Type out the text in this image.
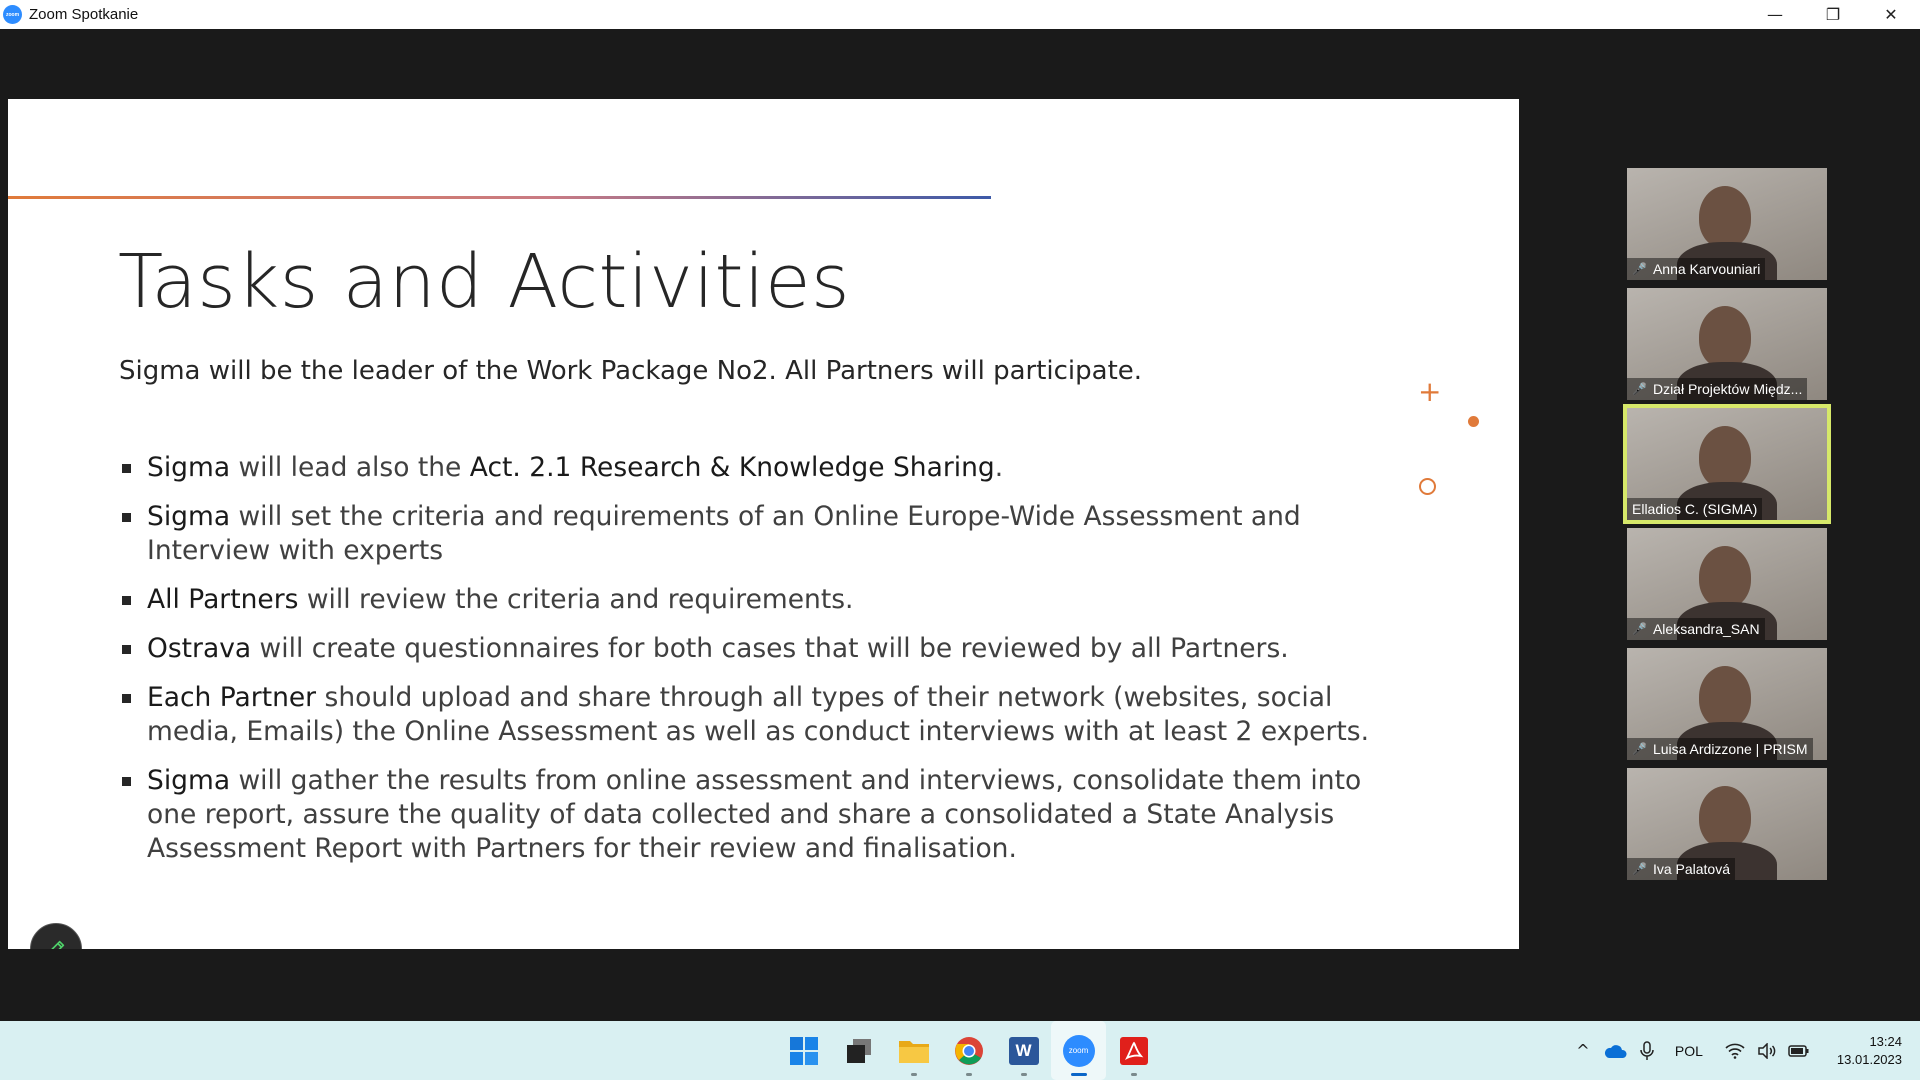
zoom Zoom Spotkanie	—	❐	✕
Tasks and Activities
Sigma will be the leader of the Work Package No2. All Partners will participate.
Sigma will lead also the Act. 2.1 Research & Knowledge Sharing.
Sigma will set the criteria and requirements of an Online Europe-Wide Assessment and Interview with experts
All Partners will review the criteria and requirements.
Ostrava will create questionnaires for both cases that will be reviewed by all Partners.
Each Partner should upload and share through all types of their network (websites, social media, Emails) the Online Assessment as well as conduct interviews with at least 2 experts.
Sigma will gather the results from online assessment and interviews, consolidate them into one report, assure the quality of data collected and share a consolidated a State Analysis Assessment Report with Partners for their review and finalisation.
+
🎤 Anna Karvouniari
🎤 Dział Projektów Międz...
Elladios C. (SIGMA)
🎤 Aleksandra_SAN
🎤 Luisa Ardizzone | PRISM
🎤 Iva Palatová
W	zoom	^	POL
13:24
13.01.2023
